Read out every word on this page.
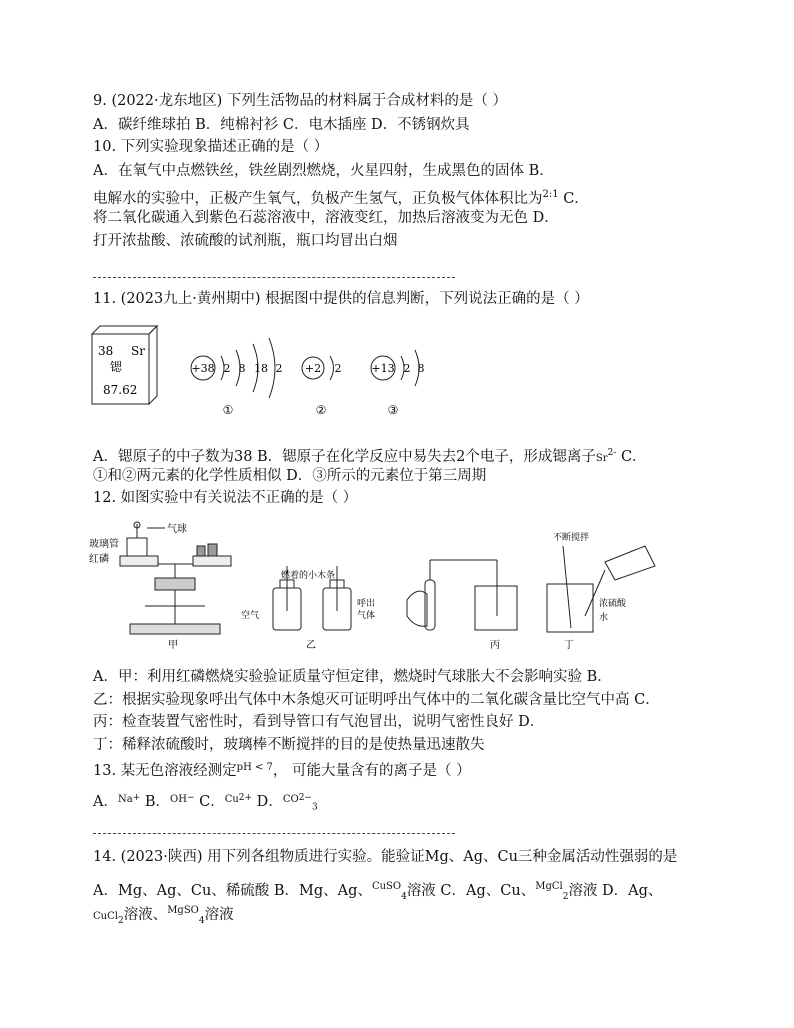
9. (2022·龙东地区) 下列生活物品的材料属于合成材料的是（ ）
A．碳纤维球拍 B．纯棉衬衫 C．电木插座 D．不锈钢炊具
10. 下列实验现象描述正确的是（ ）
A．在氧气中点燃铁丝，铁丝剧烈燃烧，火星四射，生成黑色的固体 B．
电解水的实验中，正极产生氧气，负极产生氢气，正负极气体体积比为$^{2:1}$ C．
将二氧化碳通入到紫色石蕊溶液中，溶液变红，加热后溶液变为无色 D．
打开浓盐酸、浓硫酸的试剂瓶，瓶口均冒出白烟
11. (2023九上·黄州期中) 根据图中提供的信息判断，下列说法正确的是（ ）
38 Sr
锶
87.62
+38 2 8 18 2
①
+2 2
②
+13 2 8
③
A．锶原子的中子数为38 B．锶原子在化学反应中易失去2个电子，形成锶离子$Sr^{2-}$ C．
①和②两元素的化学性质相似 D．③所示的元素位于第三周期
12. 如图实验中有关说法不正确的是（ ）
气球
玻璃管
红磷
甲
燃着的小木条
空气
呼出
气体
乙	丙
不断搅拌
浓硫酸
水
丁
A．甲：利用红磷燃烧实验验证质量守恒定律，燃烧时气球胀大不会影响实验 B．
乙：根据实验现象呼出气体中木条熄灭可证明呼出气体中的二氧化碳含量比空气中高 C．
丙：检查装置气密性时，看到导管口有气泡冒出，说明气密性良好 D．
丁：稀释浓硫酸时，玻璃棒不断搅拌的目的是使热量迅速散失
13. 某无色溶液经测定$^{pH < 7}$， 可能大量含有的离子是（ ）
A．$^{Na+}$ B．$^{OH-}$ C．$^{Cu2+}$ D．$^{CO2-}_3$
14. (2023·陕西) 用下列各组物质进行实验。能验证Mg、Ag、Cu三种金属活动性强弱的是
A．Mg、Ag、Cu、稀硫酸 B．Mg、Ag、$^{CuSO}_4$溶液 C．Ag、Cu、$^{MgCl}_2$溶液 D．Ag、
CuCl$_2$溶液、$^{MgSO}_4$溶液
